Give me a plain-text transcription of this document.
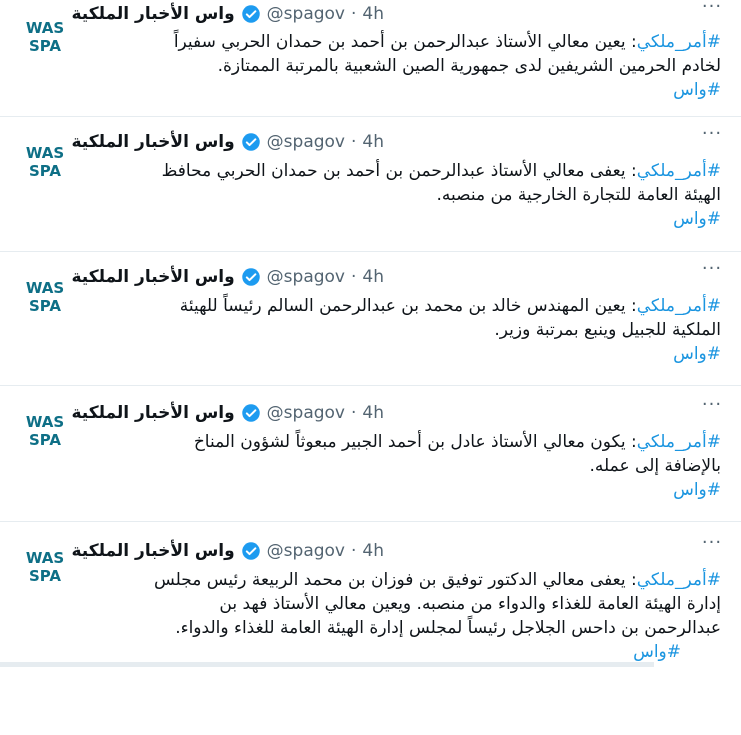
WAS
SPA
واس الأخبار الملكية @spagov · 4h	···
#أمر_ملكي: يعين معالي الأستاذ عبدالرحمن بن أحمد بن حمدان الحربي سفيراً
لخادم الحرمين الشريفين لدى جمهورية الصين الشعبية بالمرتبة الممتازة.
#واس
WAS
SPA
واس الأخبار الملكية @spagov · 4h	···
#أمر_ملكي: يعفى معالي الأستاذ عبدالرحمن بن أحمد بن حمدان الحربي محافظ
الهيئة العامة للتجارة الخارجية من منصبه.
#واس
WAS
SPA
واس الأخبار الملكية @spagov · 4h	···
#أمر_ملكي: يعين المهندس خالد بن محمد بن عبدالرحمن السالم رئيساً للهيئة
الملكية للجبيل وينبع بمرتبة وزير.
#واس
WAS
SPA
واس الأخبار الملكية @spagov · 4h	···
#أمر_ملكي: يكون معالي الأستاذ عادل بن أحمد الجبير مبعوثاً لشؤون المناخ
بالإضافة إلى عمله.
#واس
WAS
SPA
واس الأخبار الملكية @spagov · 4h	···
#أمر_ملكي: يعفى معالي الدكتور توفيق بن فوزان بن محمد الربيعة رئيس مجلس
إدارة الهيئة العامة للغذاء والدواء من منصبه. ويعين معالي الأستاذ فهد بن
عبدالرحمن بن داحس الجلاجل رئيساً لمجلس إدارة الهيئة العامة للغذاء والدواء.
#واس
